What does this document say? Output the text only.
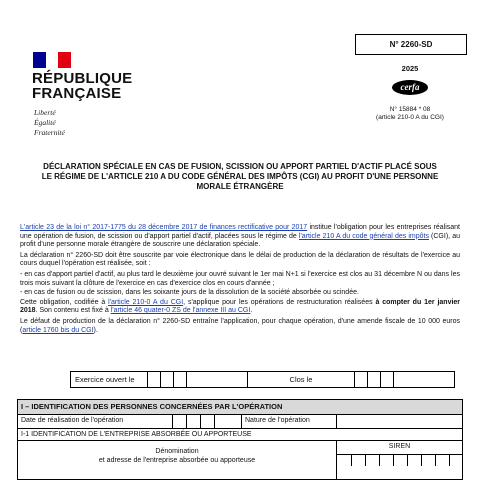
RÉPUBLIQUE
FRANÇAISE
Liberté
Égalité
Fraternité
N° 2260-SD
2025
cerfa
N° 15884 * 08
(article 210-0 A du CGI)
DÉCLARATION SPÉCIALE EN CAS DE FUSION, SCISSION OU APPORT PARTIEL D'ACTIF PLACÉ SOUS
LE RÉGIME DE L'ARTICLE 210 A DU CODE GÉNÉRAL DES IMPÔTS (CGI) AU PROFIT D'UNE PERSONNE
MORALE ÉTRANGÈRE

L'article 23 de la loi n° 2017-1775 du 28 décembre 2017 de finances rectificative pour 2017 institue l'obligation pour les entreprises réalisant une opération de fusion, de scission ou d'apport partiel d'actif, placées sous le régime de l'article 210 A du code général des impôts (CGI), au profit d'une personne morale étrangère de souscrire une déclaration spéciale.

La déclaration n° 2260-SD doit être souscrite par voie électronique dans le délai de production de la déclaration de résultats de l'exercice au cours duquel l'opération est réalisée, soit :

- en cas d'apport partiel d'actif, au plus tard le deuxième jour ouvré suivant le 1er mai N+1 si l'exercice est clos au 31 décembre N ou dans les trois mois suivant la clôture de l'exercice en cas d'exercice clos en cours d'année ;

- en cas de fusion ou de scission, dans les soixante jours de la dissolution de la société absorbée ou scindée.

Cette obligation, codifiée à l'article 210-0 A du CGI, s'applique pour les opérations de restructuration réalisées à compter du 1er janvier 2018. Son contenu est fixé à l'article 46 quater-0 ZS de l'annexe III au CGI.

Le défaut de production de la déclaration n° 2260-SD entraîne l'application, pour chaque opération, d'une amende fiscale de 10 000 euros (article 1760 bis du CGI).

Exercice ouvert le	Clos le
I – IDENTIFICATION DES PERSONNES CONCERNÉES PAR L'OPÉRATION
Date de réalisation de l'opération	Nature de l'opération
I-1 IDENTIFICATION DE L'ENTREPRISE ABSORBÉE OU APPORTEUSE
Dénomination
et adresse de l'entreprise absorbée ou apporteuse
SIREN
